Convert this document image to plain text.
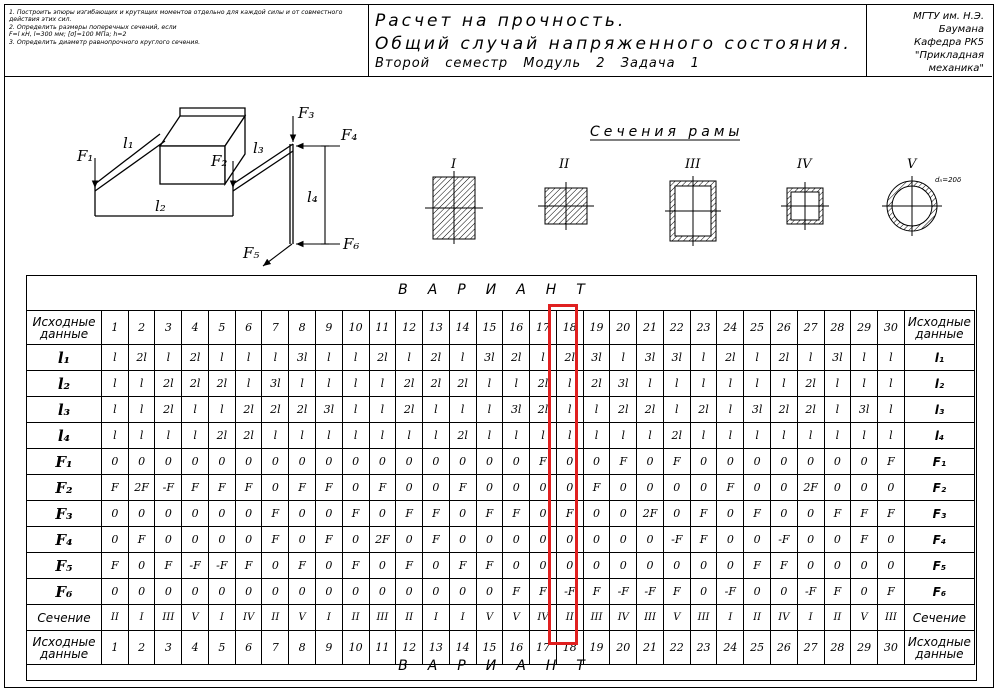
1. Построить эпюры изгибающих и крутящих моментов отдельно для каждой силы и от совместного действия этих сил.
2. Определить размеры поперечных сечений, если
F=l кН, l=300 мм; [σ]=100 МПа; h=2
3. Определить диаметр равнопрочного круглого сечения.
Расчет на прочность.
Общий случай напряженного состояния.
Второй семестр Модуль 2 Задача 1
МГТУ им. Н.Э. Баумана
Кафедра РК5
"Прикладная механика"
l₁
l₂
l₃
l₄
F₁	F₂
F₃
F₄
F₅	F₆
Сечения рамы
I	II	III	IV	V
dₙ=20δ
ВАРИАНТ
Исходные данные	1	2	3	4	5	6	7	8	9	10	11	12	13	14	15	16	17	18	19	20	21	22	23	24	25	26	27	28	29	30	Исходные данные
l₁	l	2l	l	2l	l	l	l	3l	l	l	2l	l	2l	l	3l	2l	l	2l	3l	l	3l	3l	l	2l	l	2l	l	3l	l	l	l₁
l₂	l	l	2l	2l	2l	l	3l	l	l	l	l	2l	2l	2l	l	l	2l	l	2l	3l	l	l	l	l	l	l	2l	l	l	l	l₂
l₃	l	l	2l	l	l	2l	2l	2l	3l	l	l	2l	l	l	l	3l	2l	l	l	2l	2l	l	2l	l	3l	2l	2l	l	3l	l	l₃
l₄	l	l	l	l	2l	2l	l	l	l	l	l	l	l	2l	l	l	l	l	l	l	l	2l	l	l	l	l	l	l	l	l	l₄
F₁	0	0	0	0	0	0	0	0	0	0	0	0	0	0	0	0	F	0	0	F	0	F	0	0	0	0	0	0	0	F	F₁
F₂	F	2F	-F	F	F	F	0	F	F	0	F	0	0	F	0	0	0	0	F	0	0	0	0	F	0	0	2F	0	0	0	F₂
F₃	0	0	0	0	0	0	F	0	0	F	0	F	F	0	F	F	0	F	0	0	2F	0	F	0	F	0	0	F	F	F	F₃
F₄	0	F	0	0	0	0	F	0	F	0	2F	0	F	0	0	0	0	0	0	0	0	-F	F	0	0	-F	0	0	F	0	F₄
F₅	F	0	F	-F	-F	F	0	F	0	F	0	F	0	F	F	0	0	0	0	0	0	0	0	0	F	F	0	0	0	0	F₅
F₆	0	0	0	0	0	0	0	0	0	0	0	0	0	0	0	F	F	-F	F	-F	-F	F	0	-F	0	0	-F	F	0	F	F₆
Сечение	II	I	III	V	I	IV	II	V	I	II	III	II	I	I	V	V	IV	II	III	IV	III	V	III	I	II	IV	I	II	V	III	Сечение
Исходные данные	1	2	3	4	5	6	7	8	9	10	11	12	13	14	15	16	17	18	19	20	21	22	23	24	25	26	27	28	29	30	Исходные данные
ВАРИАНТ
